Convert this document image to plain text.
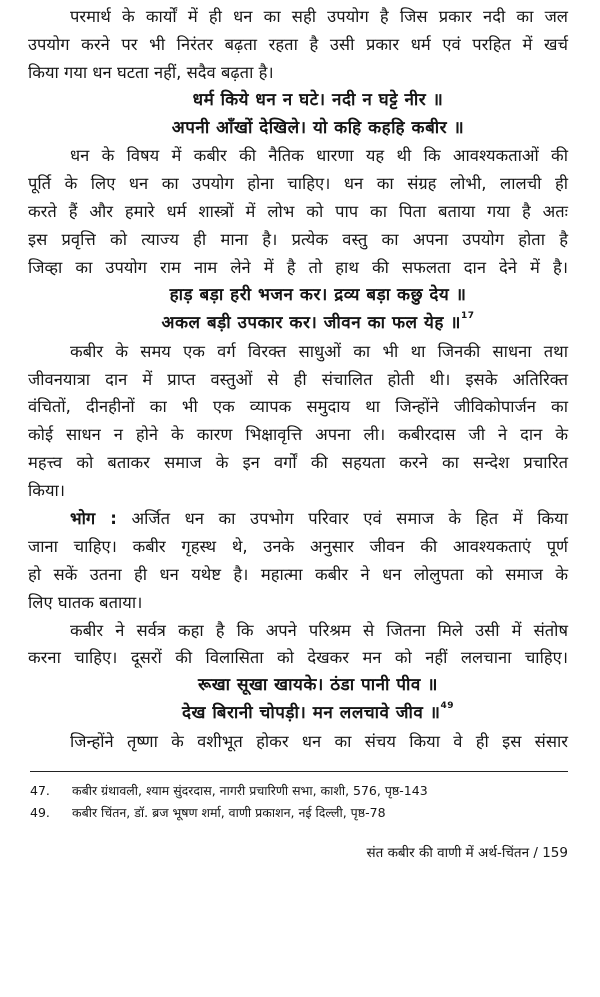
परमार्थ के कार्यों में ही धन का सही उपयोग है जिस प्रकार नदी का जल
उपयोग करने पर भी निरंतर बढ़ता रहता है उसी प्रकार धर्म एवं परहित में खर्च
किया गया धन घटता नहीं, सदैव बढ़ता है।
धर्म किये धन न घटे। नदी न घट्टे नीर ॥
अपनी आँखों देखिले। यो कहि कहहि कबीर ॥
धन के विषय में कबीर की नैतिक धारणा यह थी कि आवश्यकताओं की
पूर्ति के लिए धन का उपयोग होना चाहिए। धन का संग्रह लोभी, लालची ही
करते हैं और हमारे धर्म शास्त्रों में लोभ को पाप का पिता बताया गया है अतः
इस प्रवृत्ति को त्याज्य ही माना है। प्रत्येक वस्तु का अपना उपयोग होता है
जिव्हा का उपयोग राम नाम लेने में है तो हाथ की सफलता दान देने में है।
हाड़ बड़ा हरी भजन कर। द्रव्य बड़ा कछु देय ॥
अकल बड़ी उपकार कर। जीवन का फल येह ॥$^{17}$
कबीर के समय एक वर्ग विरक्त साधुओं का भी था जिनकी साधना तथा
जीवनयात्रा दान में प्राप्त वस्तुओं से ही संचालित होती थी। इसके अतिरिक्त
वंचितों, दीनहीनों का भी एक व्यापक समुदाय था जिन्होंने जीविकोपार्जन का
कोई साधन न होने के कारण भिक्षावृत्ति अपना ली। कबीरदास जी ने दान के
महत्त्व को बताकर समाज के इन वर्गों की सहयता करने का सन्देश प्रचारित
किया।
भोग : अर्जित धन का उपभोग परिवार एवं समाज के हित में किया
जाना चाहिए। कबीर गृहस्थ थे, उनके अनुसार जीवन की आवश्यकताएं पूर्ण
हो सकें उतना ही धन यथेष्ट है। महात्मा कबीर ने धन लोलुपता को समाज के
लिए घातक बताया।
कबीर ने सर्वत्र कहा है कि अपने परिश्रम से जितना मिले उसी में संतोष
करना चाहिए। दूसरों की विलासिता को देखकर मन को नहीं ललचाना चाहिए।
रूखा सूखा खायके। ठंडा पानी पीव ॥
देख बिरानी चोपड़ी। मन ललचावे जीव ॥$^{49}$
जिन्होंने तृष्णा के वशीभूत होकर धन का संचय किया वे ही इस संसार
47. कबीर ग्रंथावली, श्याम सुंदरदास, नागरी प्रचारिणी सभा, काशी, 576, पृष्ठ-143
49. कबीर चिंतन, डॉ. ब्रज भूषण शर्मा, वाणी प्रकाशन, नई दिल्ली, पृष्ठ-78
संत कबीर की वाणी में अर्थ-चिंतन / 159
